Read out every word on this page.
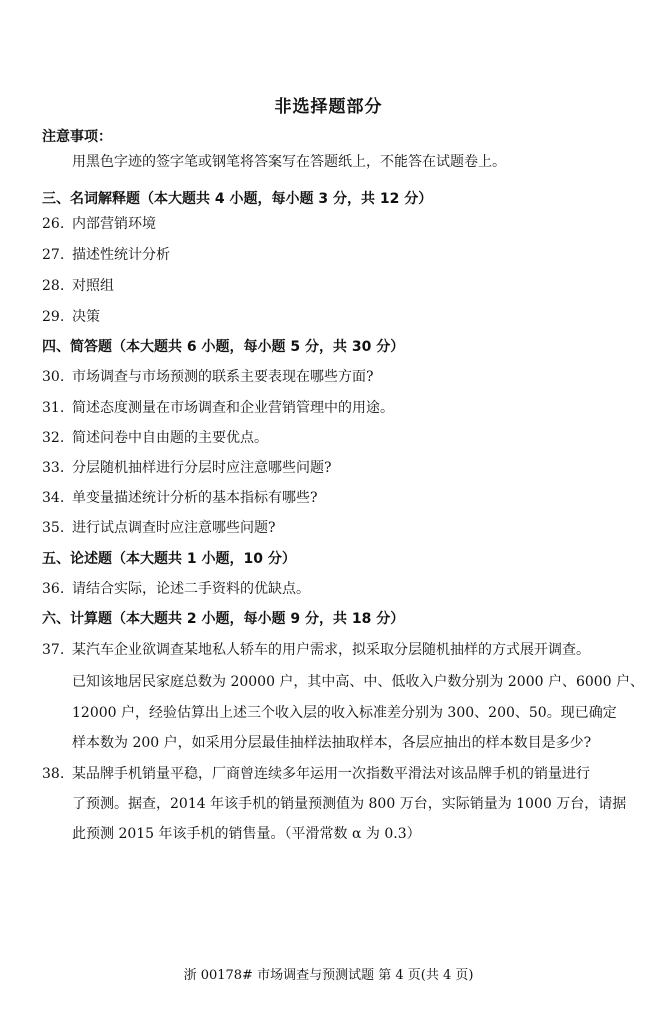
非选择题部分
注意事项：
用黑色字迹的签字笔或钢笔将答案写在答题纸上，不能答在试题卷上。
三、名词解释题（本大题共 4 小题，每小题 3 分，共 12 分）
26. 内部营销环境
27. 描述性统计分析
28. 对照组
29. 决策
四、简答题（本大题共 6 小题，每小题 5 分，共 30 分）
30. 市场调查与市场预测的联系主要表现在哪些方面?
31. 简述态度测量在市场调查和企业营销管理中的用途。
32. 简述问卷中自由题的主要优点。
33. 分层随机抽样进行分层时应注意哪些问题?
34. 单变量描述统计分析的基本指标有哪些?
35. 进行试点调查时应注意哪些问题?
五、论述题（本大题共 1 小题，10 分）
36. 请结合实际，论述二手资料的优缺点。
六、计算题（本大题共 2 小题，每小题 9 分，共 18 分）
37. 某汽车企业欲调查某地私人轿车的用户需求，拟采取分层随机抽样的方式展开调查。
已知该地居民家庭总数为 20000 户，其中高、中、低收入户数分别为 2000 户、6000 户、
12000 户，经验估算出上述三个收入层的收入标准差分别为 300、200、50。现已确定
样本数为 200 户，如采用分层最佳抽样法抽取样本，各层应抽出的样本数目是多少?
38. 某品牌手机销量平稳，厂商曾连续多年运用一次指数平滑法对该品牌手机的销量进行
了预测。据查，2014 年该手机的销量预测值为 800 万台，实际销量为 1000 万台，请据
此预测 2015 年该手机的销售量。（平滑常数 α 为 0.3）
浙 00178# 市场调查与预测试题 第 4 页(共 4 页)
